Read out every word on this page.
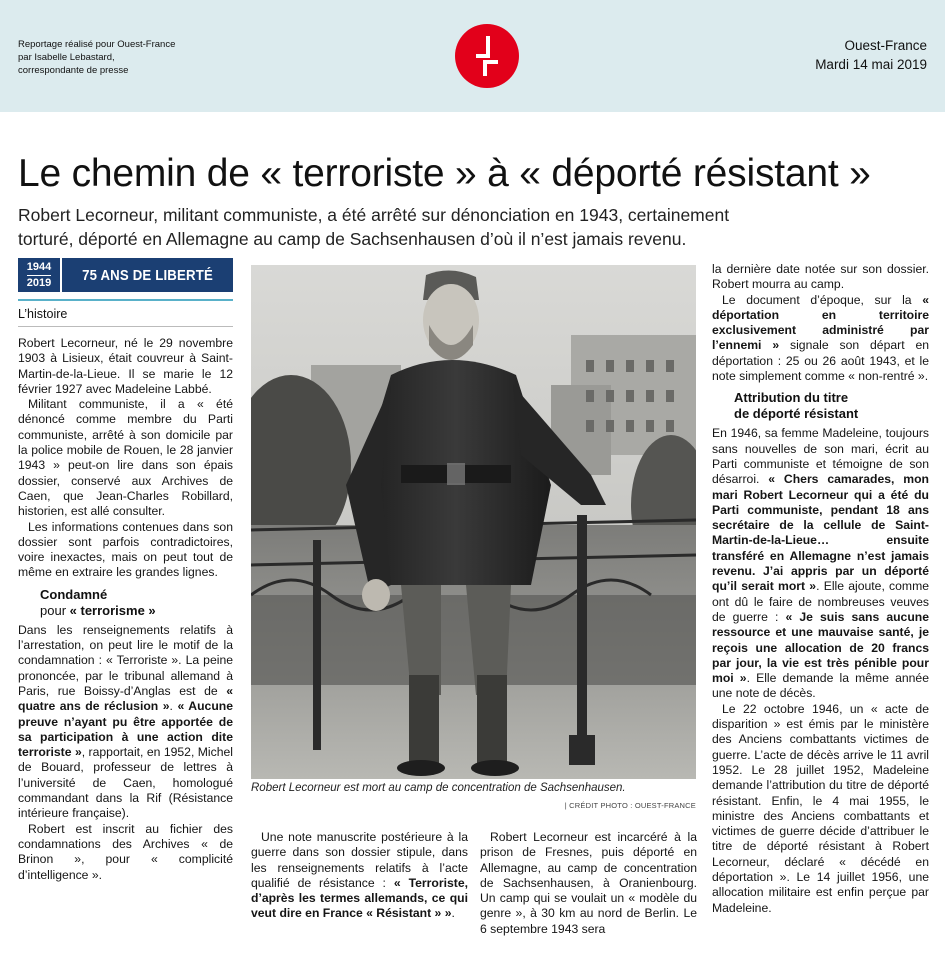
Reportage réalisé pour Ouest-France
par Isabelle Lebastard,
correspondante de presse
Ouest-France
Mardi 14 mai 2019
Le chemin de « terroriste » à « déporté résistant »
Robert Lecorneur, militant communiste, a été arrêté sur dénonciation en 1943, certainement
torturé, déporté en Allemagne au camp de Sachsenhausen d’où il n’est jamais revenu.
1944
2019	75 ANS DE LIBERTÉ
L’histoire

Robert Lecorneur, né le 29 novembre 1903 à Lisieux, était couvreur à Saint-Martin-de-la-Lieue. Il se marie le 12 février 1927 avec Madeleine Labbé.

Militant communiste, il a « été dénoncé comme membre du Parti communiste, arrêté à son domicile par la police mobile de Rouen, le 28 janvier 1943 » peut-on lire dans son épais dossier, conservé aux Archives de Caen, que Jean-Charles Robillard, historien, est allé consulter.

Les informations contenues dans son dossier sont parfois contradictoires, voire inexactes, mais on peut tout de même en extraire les grandes lignes.

Condamné
pour « terrorisme »

Dans les renseignements relatifs à l’arrestation, on peut lire le motif de la condamnation : « Terroriste ». La peine prononcée, par le tribunal allemand à Paris, rue Boissy-d’Anglas est de « quatre ans de réclusion ». « Aucune preuve n’ayant pu être apportée de sa participation à une action dite terroriste », rapportait, en 1952, Michel de Bouard, professeur de lettres à l’université de Caen, homologué commandant dans la Rif (Résistance intérieure française).

Robert est inscrit au fichier des condamnations des Archives « de Brinon », pour « complicité d’intelligence ».

Robert Lecorneur est mort au camp de concentration de Sachsenhausen.
| CRÉDIT PHOTO : OUEST-FRANCE

Une note manuscrite postérieure à la guerre dans son dossier stipule, dans les renseignements relatifs à l’acte qualifié de résistance : « Terroriste, d’après les termes allemands, ce qui veut dire en France « Résistant » ».

Robert Lecorneur est incarcéré à la prison de Fresnes, puis déporté en Allemagne, au camp de concentration de Sachsenhausen, à Oranienbourg. Un camp qui se voulait un « modèle du genre », à 30 km au nord de Berlin. Le 6 septembre 1943 sera

la dernière date notée sur son dossier. Robert mourra au camp.

Le document d’époque, sur la « déportation en territoire exclusivement administré par l’ennemi » signale son départ en déportation : 25 ou 26 août 1943, et le note simplement comme « non-rentré ».

Attribution du titre
de déporté résistant

En 1946, sa femme Madeleine, toujours sans nouvelles de son mari, écrit au Parti communiste et témoigne de son désarroi. « Chers camarades, mon mari Robert Lecorneur qui a été du Parti communiste, pendant 18 ans secrétaire de la cellule de Saint-Martin-de-la-Lieue… ensuite transféré en Allemagne n’est jamais revenu. J’ai appris par un déporté qu’il serait mort ». Elle ajoute, comme ont dû le faire de nombreuses veuves de guerre : « Je suis sans aucune ressource et une mauvaise santé, je reçois une allocation de 20 francs par jour, la vie est très pénible pour moi ». Elle demande la même année une note de décès.

Le 22 octobre 1946, un « acte de disparition » est émis par le ministère des Anciens combattants victimes de guerre. L’acte de décès arrive le 11 avril 1952. Le 28 juillet 1952, Madeleine demande l’attribution du titre de déporté résistant. Enfin, le 4 mai 1955, le ministre des Anciens combattants et victimes de guerre décide d’attribuer le titre de déporté résistant à Robert Lecorneur, déclaré « décédé en déportation ». Le 14 juillet 1956, une allocation militaire est enfin perçue par Madeleine.
